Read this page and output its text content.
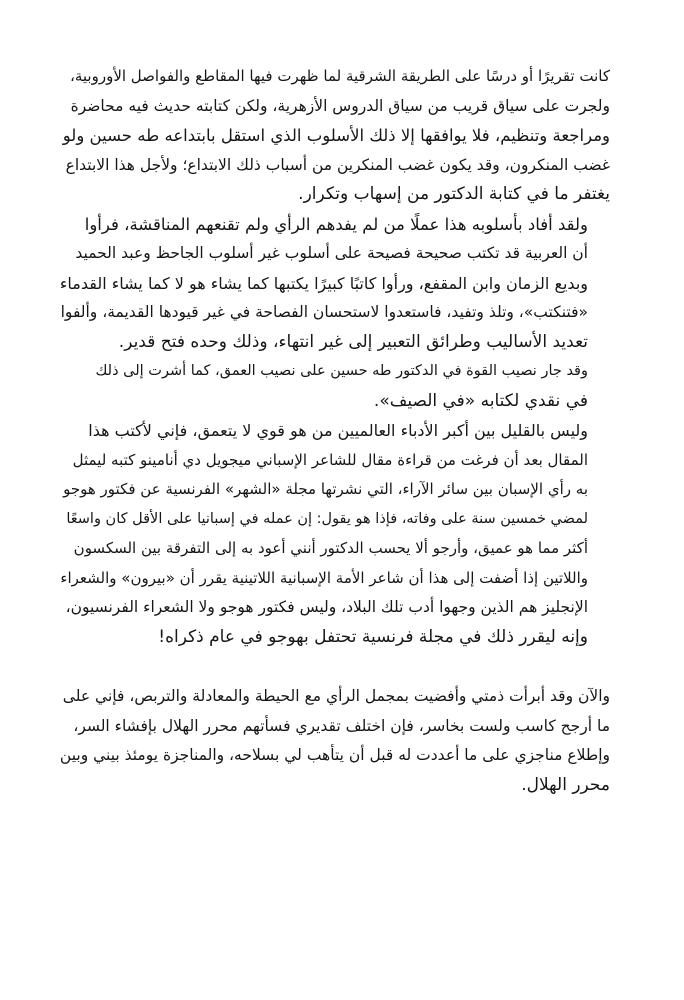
كانت تقريرًا أو درسًا على الطريقة الشرقية لما ظهرت فيها المقاطع والفواصل الأوروبية،
ولجرت على سياق قريب من سياق الدروس الأزهرية، ولكن كتابته حديث فيه محاضرة
ومراجعة وتنظيم، فلا يوافقها إلا ذلك الأسلوب الذي استقل بابتداعه طه حسين ولو
غضب المنكرون، وقد يكون غضب المنكرين من أسباب ذلك الابتداع؛ ولأجل هذا الابتداع
يغتفر ما في كتابة الدكتور من إسهاب وتكرار.

ولقد أفاد بأسلوبه هذا عملًا من لم يفدهم الرأي ولم تقنعهم المناقشة، فرأوا
أن العربية قد تكتب صحيحة فصيحة على أسلوب غير أسلوب الجاحظ وعبد الحميد
وبديع الزمان وابن المقفع، ورأوا كاتبًا كبيرًا يكتبها كما يشاء هو لا كما يشاء القدماء
«فتنكتب»، وتلذ وتفيد، فاستعدوا لاستحسان الفصاحة في غير قيودها القديمة، وألفوا
تعديد الأساليب وطرائق التعبير إلى غير انتهاء، وذلك وحده فتح قدير.

وقد جار نصيب القوة في الدكتور طه حسين على نصيب العمق، كما أشرت إلى ذلك
في نقدي لكتابه «في الصيف».

وليس بالقليل بين أكبر الأدباء العالميين من هو قوي لا يتعمق، فإني لأكتب هذا
المقال بعد أن فرغت من قراءة مقال للشاعر الإسباني ميجويل دي أنامينو كتبه ليمثل
به رأي الإسبان بين سائر الآراء، التي نشرتها مجلة «الشهر» الفرنسية عن فكتور هوجو
لمضي خمسين سنة على وفاته، فإذا هو يقول: إن عمله في إسبانيا على الأقل كان واسعًا
أكثر مما هو عميق، وأرجو ألا يحسب الدكتور أنني أعود به إلى التفرقة بين السكسون
واللاتين إذا أضفت إلى هذا أن شاعر الأمة الإسبانية اللاتينية يقرر أن «بيرون» والشعراء
الإنجليز هم الذين وجهوا أدب تلك البلاد، وليس فكتور هوجو ولا الشعراء الفرنسيون،
وإنه ليقرر ذلك في مجلة فرنسية تحتفل بهوجو في عام ذكراه!

والآن وقد أبرأت ذمتي وأفضيت بمجمل الرأي مع الحيطة والمعادلة والتربص، فإني على
ما أرجح كاسب ولست بخاسر، فإن اختلف تقديري فسأتهم محرر الهلال بإفشاء السر،
وإطلاع مناجزي على ما أعددت له قبل أن يتأهب لي بسلاحه، والمناجزة يومئذ بيني وبين
محرر الهلال.
